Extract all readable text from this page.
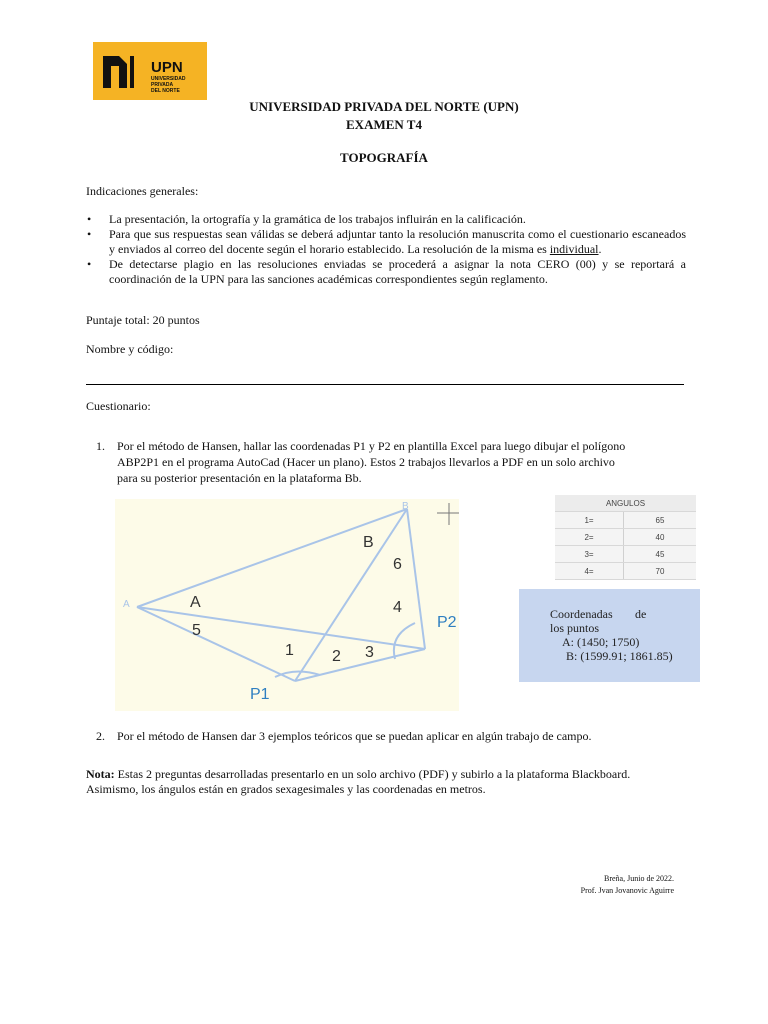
UPN
UNIVERSIDAD
PRIVADA
DEL NORTE
UNIVERSIDAD PRIVADA DEL NORTE (UPN)
EXAMEN T4
TOPOGRAFÍA
Indicaciones generales:
• La presentación, la ortografía y la gramática de los trabajos influirán en la calificación.
• Para que sus respuestas sean válidas se deberá adjuntar tanto la resolución manuscrita como el cuestionario escaneados y enviados al correo del docente según el horario establecido. La resolución de la misma es individual.
• De detectarse plagio en las resoluciones enviadas se procederá a asignar la nota CERO (00) y se reportará a coordinación de la UPN para las sanciones académicas correspondientes según reglamento.
Puntaje total: 20 puntos
Nombre y código:
Cuestionario:
1. Por el método de Hansen, hallar las coordenadas P1 y P2 en plantilla Excel para luego dibujar el polígono
ABP2P1 en el programa AutoCad (Hacer un plano). Estos 2 trabajos llevarlos a PDF en un solo archivo
para su posterior presentación en la plataforma Bb.
A
5
B
6
4
1 2 3
P1
P2
A
B	ANGULOS	
1=	65
2=	40
3=	45
4=	70
Coordenadas de
los puntos
A: (1450; 1750)
B: (1599.91; 1861.85)
2. Por el método de Hansen dar 3 ejemplos teóricos que se puedan aplicar en algún trabajo de campo.
Nota: Estas 2 preguntas desarrolladas presentarlo en un solo archivo (PDF) y subirlo a la plataforma Blackboard.
Asimismo, los ángulos están en grados sexagesimales y las coordenadas en metros.
Breña, Junio de 2022.
Prof. Jvan Jovanovic Aguirre
